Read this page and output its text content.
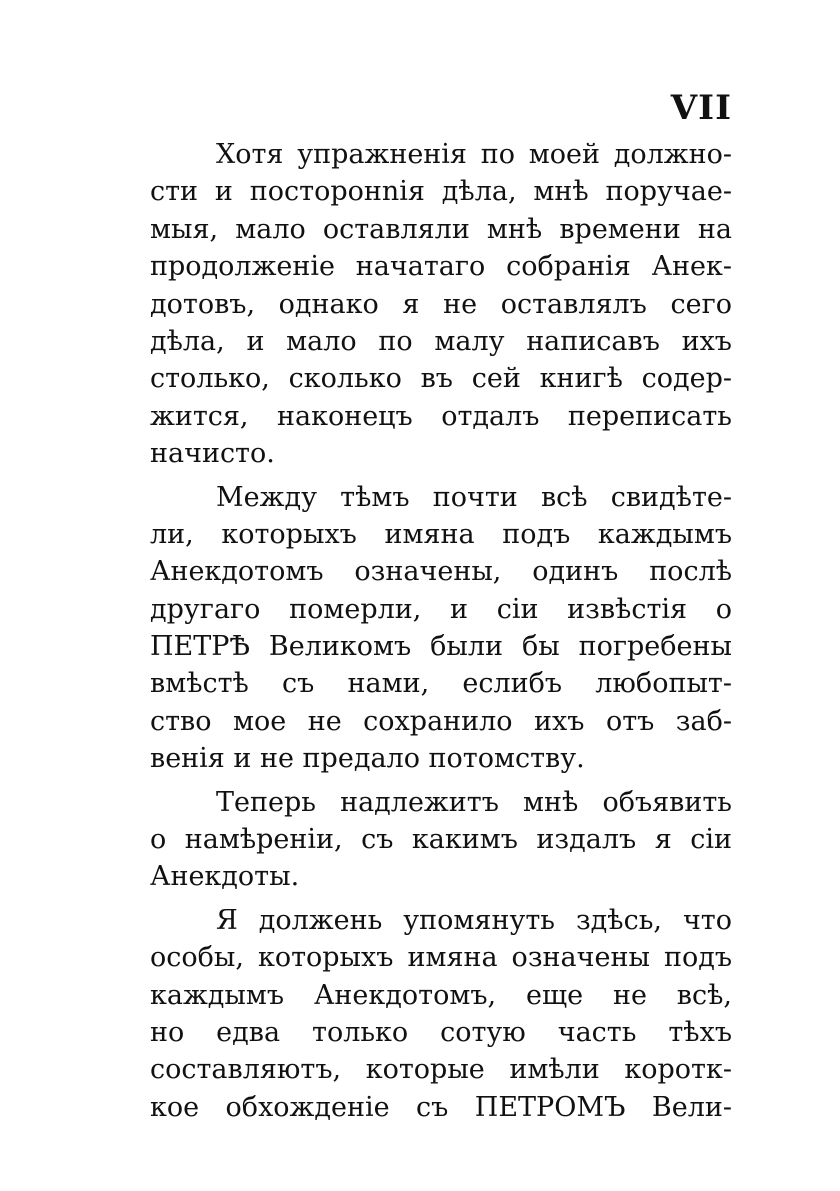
VII
Хотя упражненія по моей должно-
сти и посторонnія дѣла, мнѣ поручае-
мыя, мало оставляли мнѣ времени на
продолженіе начатаго собранія Анек-
дотовъ, однако я не оставлялъ сего
дѣла, и мало по малу написавъ ихъ
столько, сколько въ сей книгѣ содер-
жится, наконецъ отдалъ переписать
начисто.
Между тѣмъ почти всѣ свидѣте-
ли, которыхъ имяна подъ каждымъ
Анекдотомъ означены, одинъ послѣ
другаго померли, и сіи извѣстія о
ПЕТРѢ Великомъ были бы погребены
вмѣстѣ съ нами, еслибъ любопыт-
ство мое не сохранило ихъ отъ заб-
венія и не предало потомству.
Теперь надлежитъ мнѣ объявить
о намѣреніи, съ какимъ издалъ я сіи
Анекдоты.
Я должень упомянуть здѣсь, что
особы, которыхъ имяна означены подъ
каждымъ Анекдотомъ, еще не всѣ,
но едва только сотую часть тѣхъ
составляютъ, которые имѣли коротк-
кое обхожденіе съ ПЕТРОМЪ Вели-
